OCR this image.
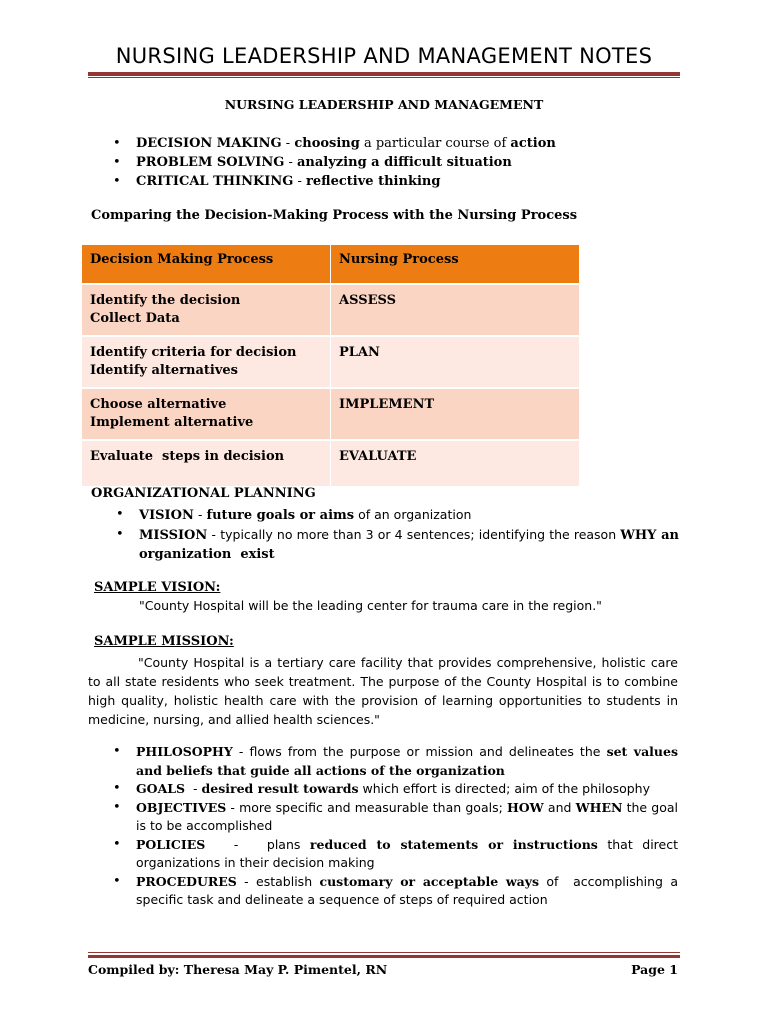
NURSING LEADERSHIP AND MANAGEMENT NOTES
NURSING LEADERSHIP AND MANAGEMENT
• DECISION MAKING - choosing a particular course of action
• PROBLEM SOLVING - analyzing a difficult situation
• CRITICAL THINKING - reflective thinking
Comparing the Decision-Making Process with the Nursing Process
Decision Making Process	Nursing Process
Identify the decision
Collect Data	ASSESS
Identify criteria for decision
Identify alternatives	PLAN
Choose alternative
Implement alternative	IMPLEMENT
Evaluate  steps in decision	EVALUATE
ORGANIZATIONAL PLANNING
• VISION - future goals or aims of an organization
• MISSION - typically no more than 3 or 4 sentences; identifying the reason WHY an organization  exist
SAMPLE VISION:
"County Hospital will be the leading center for trauma care in the region."
SAMPLE MISSION:
"County Hospital is a tertiary care facility that provides comprehensive, holistic care to all state residents who seek treatment. The purpose of the County Hospital is to combine high quality, holistic health care with the provision of learning opportunities to students in medicine, nursing, and allied health sciences."
• PHILOSOPHY - flows from the purpose or mission and delineates the set values and beliefs that guide all actions of the organization
• GOALS  - desired result towards which effort is directed; aim of the philosophy
• OBJECTIVES - more specific and measurable than goals; HOW and WHEN the goal is to be accomplished
• POLICIES   -   plans reduced to statements or instructions that direct organizations in their decision making
• PROCEDURES - establish customary or acceptable ways of  accomplishing a specific task and delineate a sequence of steps of required action
Compiled by: Theresa May P. Pimentel, RN	Page 1
